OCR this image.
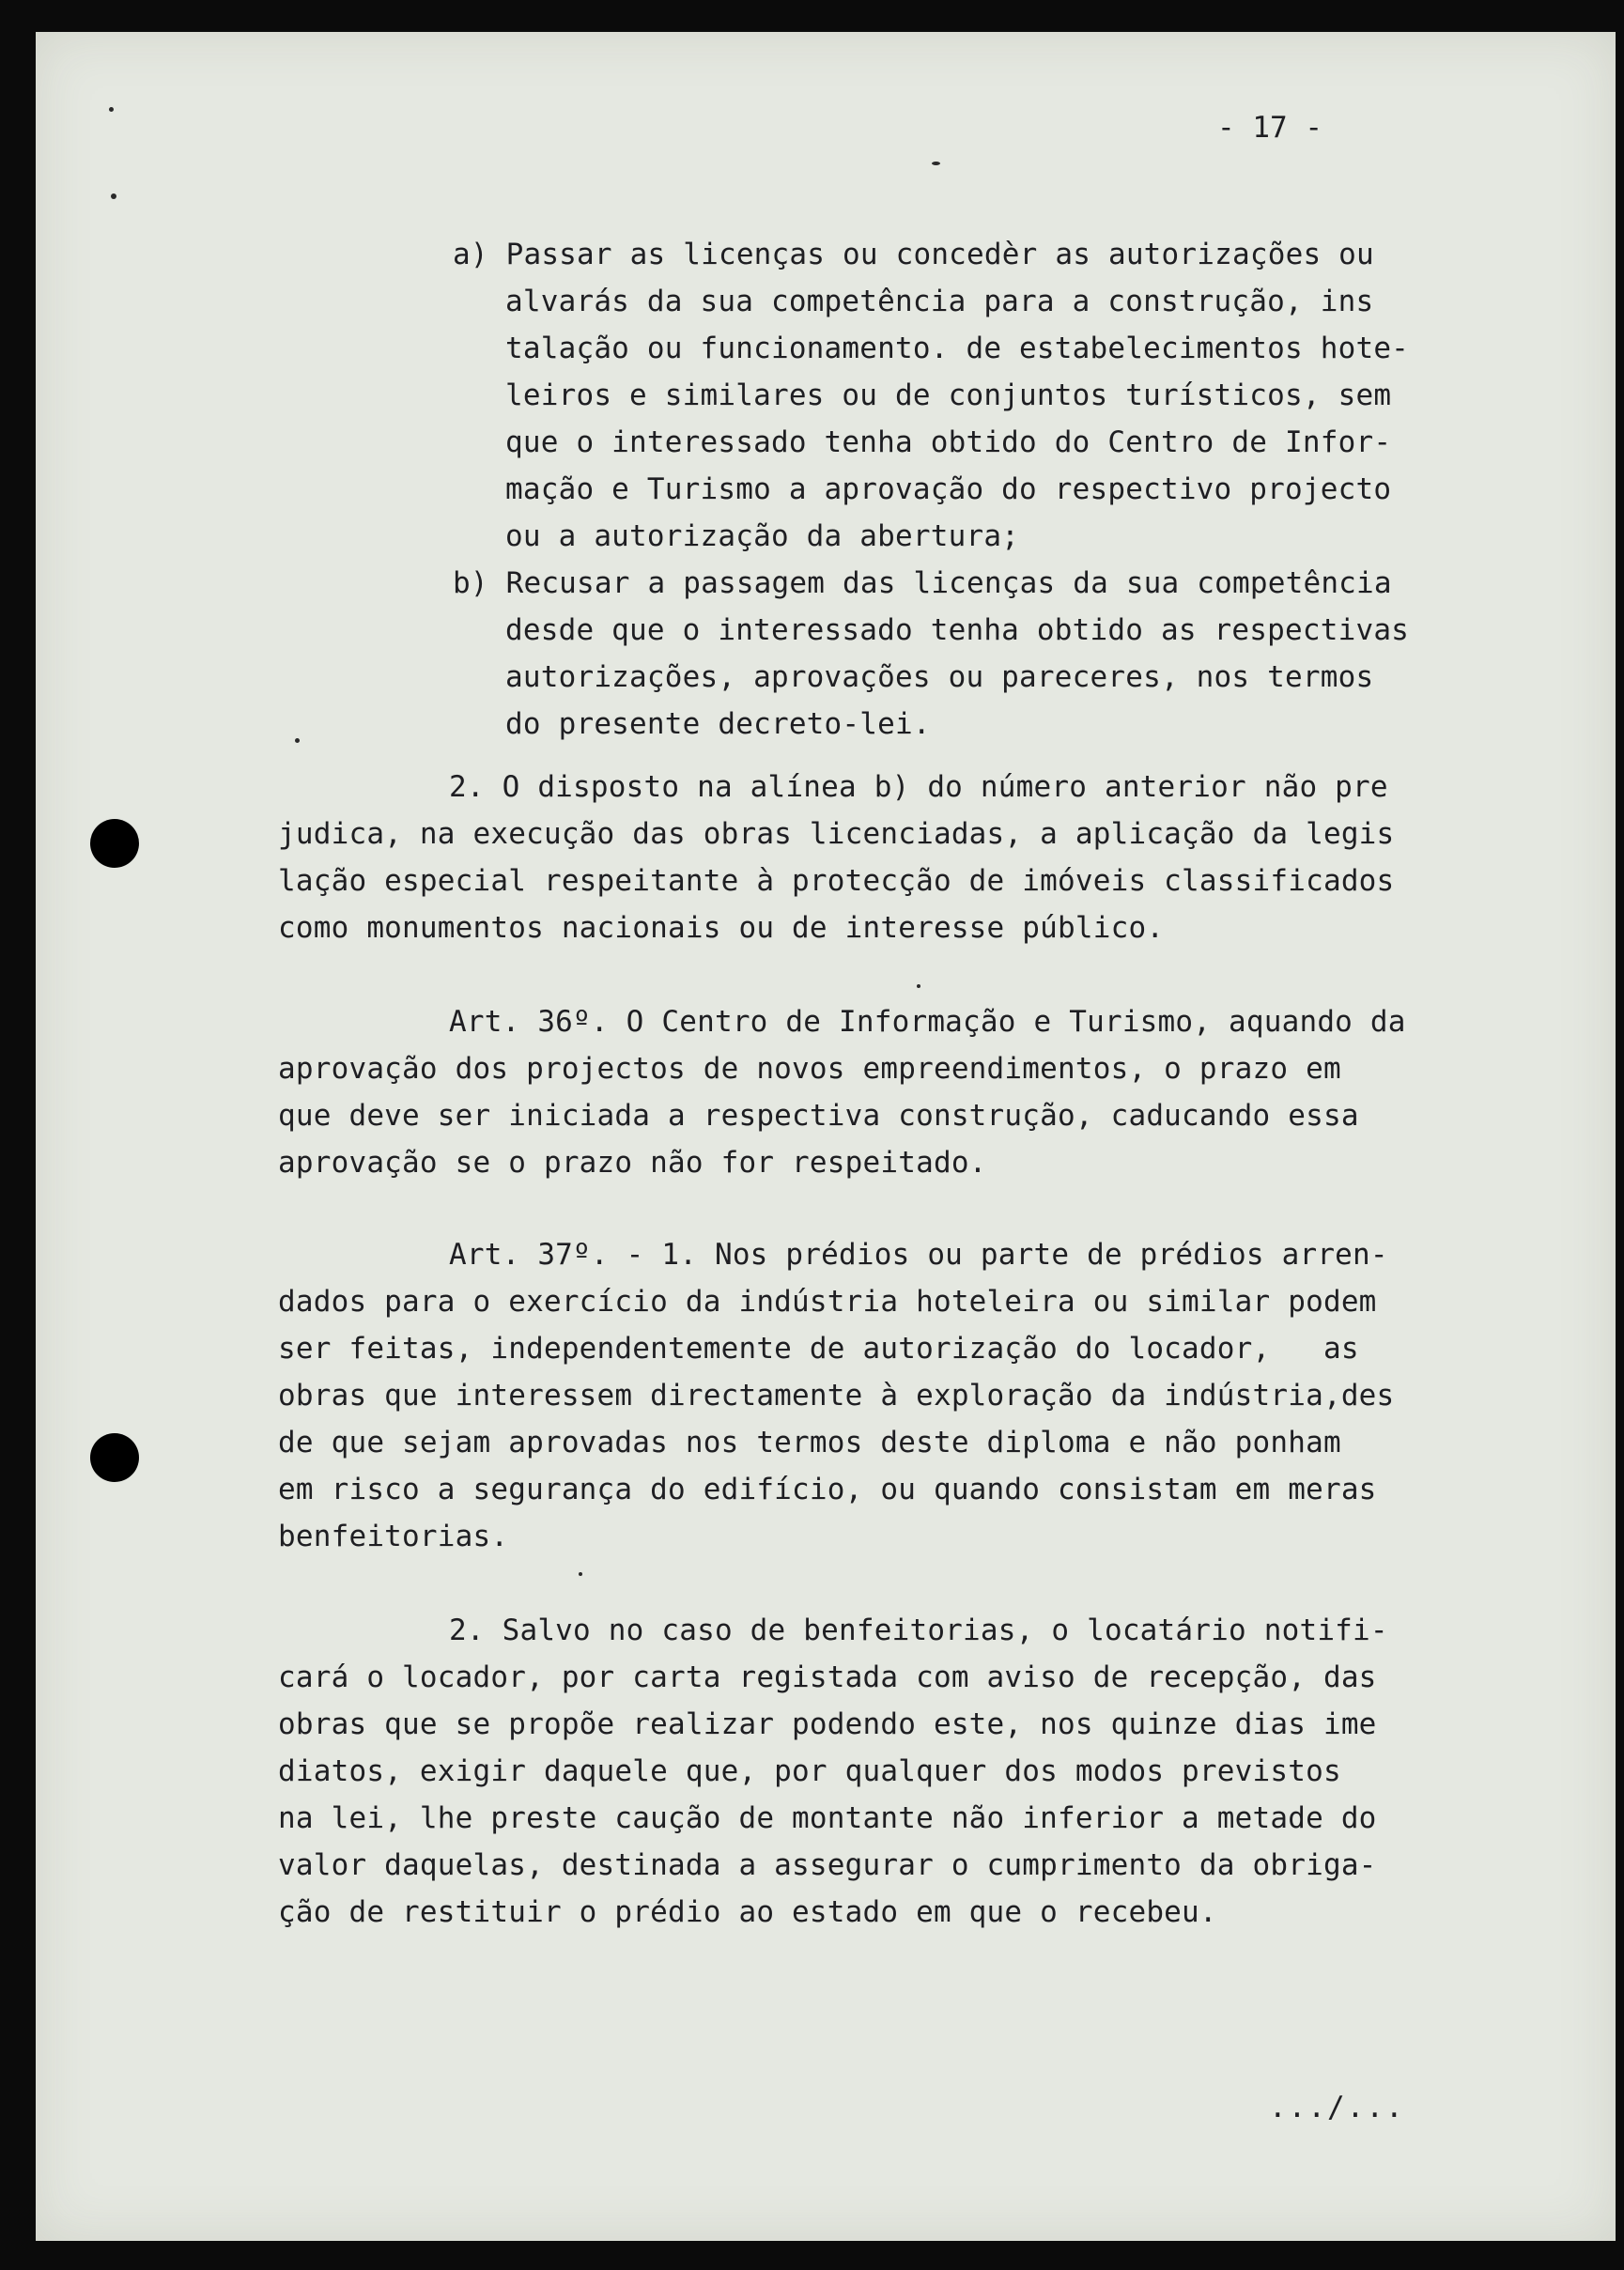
- 17 -
a) Passar as licenças ou concedèr as autorizações ou
alvarás da sua competência para a construção, ins
talação ou funcionamento. de estabelecimentos hote-
leiros e similares ou de conjuntos turísticos, sem
que o interessado tenha obtido do Centro de Infor-
mação e Turismo a aprovação do respectivo projecto
ou a autorização da abertura;
b) Recusar a passagem das licenças da sua competência
desde que o interessado tenha obtido as respectivas
autorizações, aprovações ou pareceres, nos termos
do presente decreto-lei.
2. O disposto na alínea b) do número anterior não pre
judica, na execução das obras licenciadas, a aplicação da legis
lação especial respeitante à protecção de imóveis classificados
como monumentos nacionais ou de interesse público.
Art. 36º. O Centro de Informação e Turismo, aquando da
aprovação dos projectos de novos empreendimentos, o prazo em
que deve ser iniciada a respectiva construção, caducando essa
aprovação se o prazo não for respeitado.
Art. 37º. - 1. Nos prédios ou parte de prédios arren-
dados para o exercício da indústria hoteleira ou similar podem
ser feitas, independentemente de autorização do locador,   as
obras que interessem directamente à exploração da indústria,des
de que sejam aprovadas nos termos deste diploma e não ponham
em risco a segurança do edifício, ou quando consistam em meras
benfeitorias.
2. Salvo no caso de benfeitorias, o locatário notifi-
cará o locador, por carta registada com aviso de recepção, das
obras que se propõe realizar podendo este, nos quinze dias ime
diatos, exigir daquele que, por qualquer dos modos previstos
na lei, lhe preste caução de montante não inferior a metade do
valor daquelas, destinada a assegurar o cumprimento da obriga-
ção de restituir o prédio ao estado em que o recebeu.
.../...
